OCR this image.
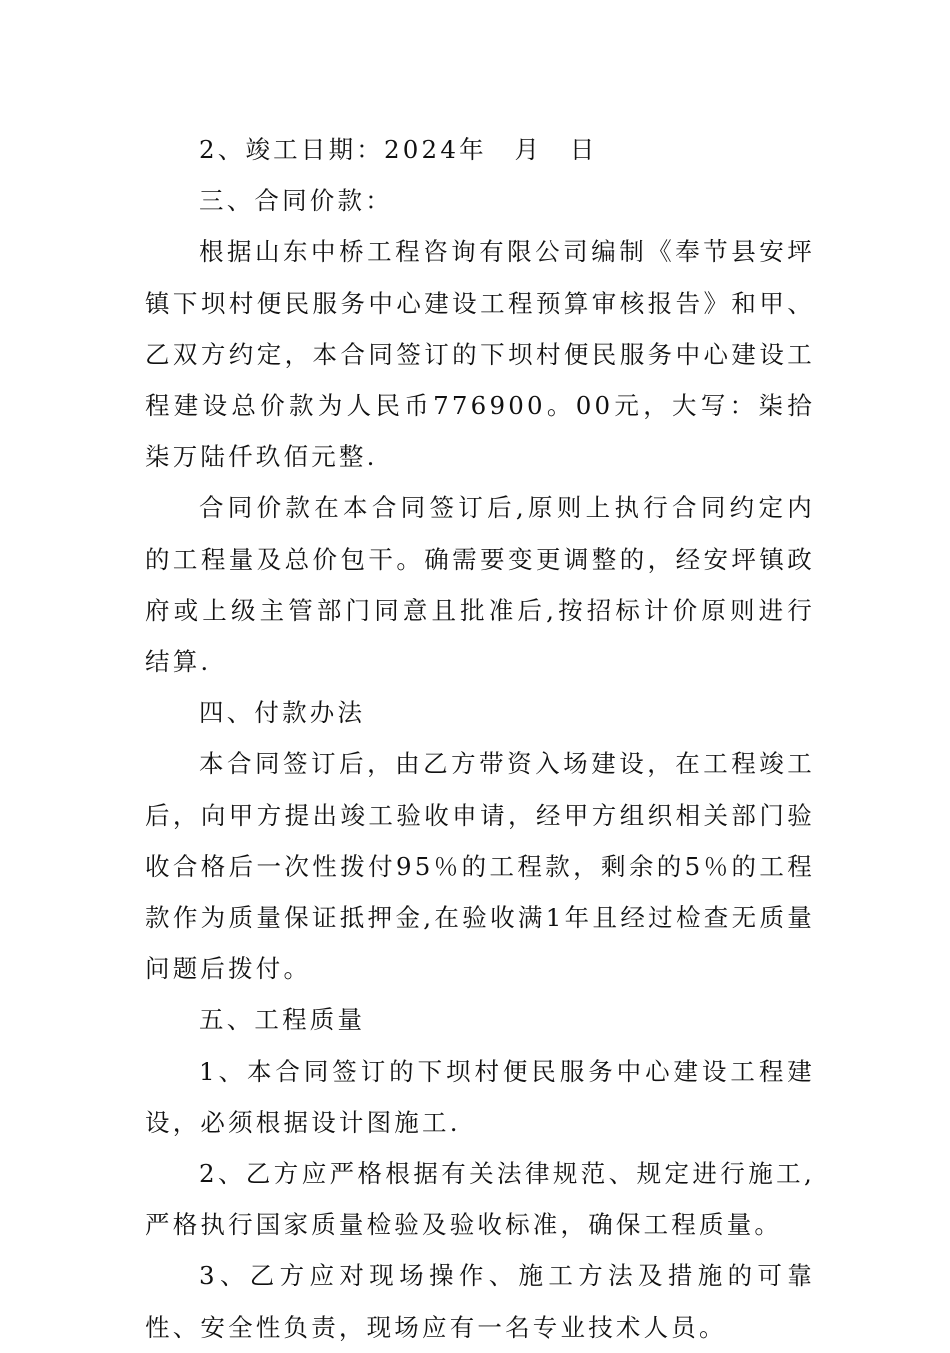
2、竣工日期：2024年　月　日

三、合同价款：

根据山东中桥工程咨询有限公司编制《奉节县安坪镇下坝村便民服务中心建设工程预算审核报告》和甲、乙双方约定，本合同签订的下坝村便民服务中心建设工程建设总价款为人民币776900。00元，大写：柒拾柒万陆仟玖佰元整.

合同价款在本合同签订后,原则上执行合同约定内的工程量及总价包干。确需要变更调整的，经安坪镇政府或上级主管部门同意且批准后,按招标计价原则进行结算.

四、付款办法

本合同签订后，由乙方带资入场建设，在工程竣工后，向甲方提出竣工验收申请，经甲方组织相关部门验收合格后一次性拨付95％的工程款，剩余的5％的工程款作为质量保证抵押金,在验收满1年且经过检查无质量问题后拨付。

五、工程质量

1、本合同签订的下坝村便民服务中心建设工程建设，必须根据设计图施工.

2、乙方应严格根据有关法律规范、规定进行施工,严格执行国家质量检验及验收标准，确保工程质量。

3、乙方应对现场操作、施工方法及措施的可靠性、安全性负责，现场应有一名专业技术人员。
